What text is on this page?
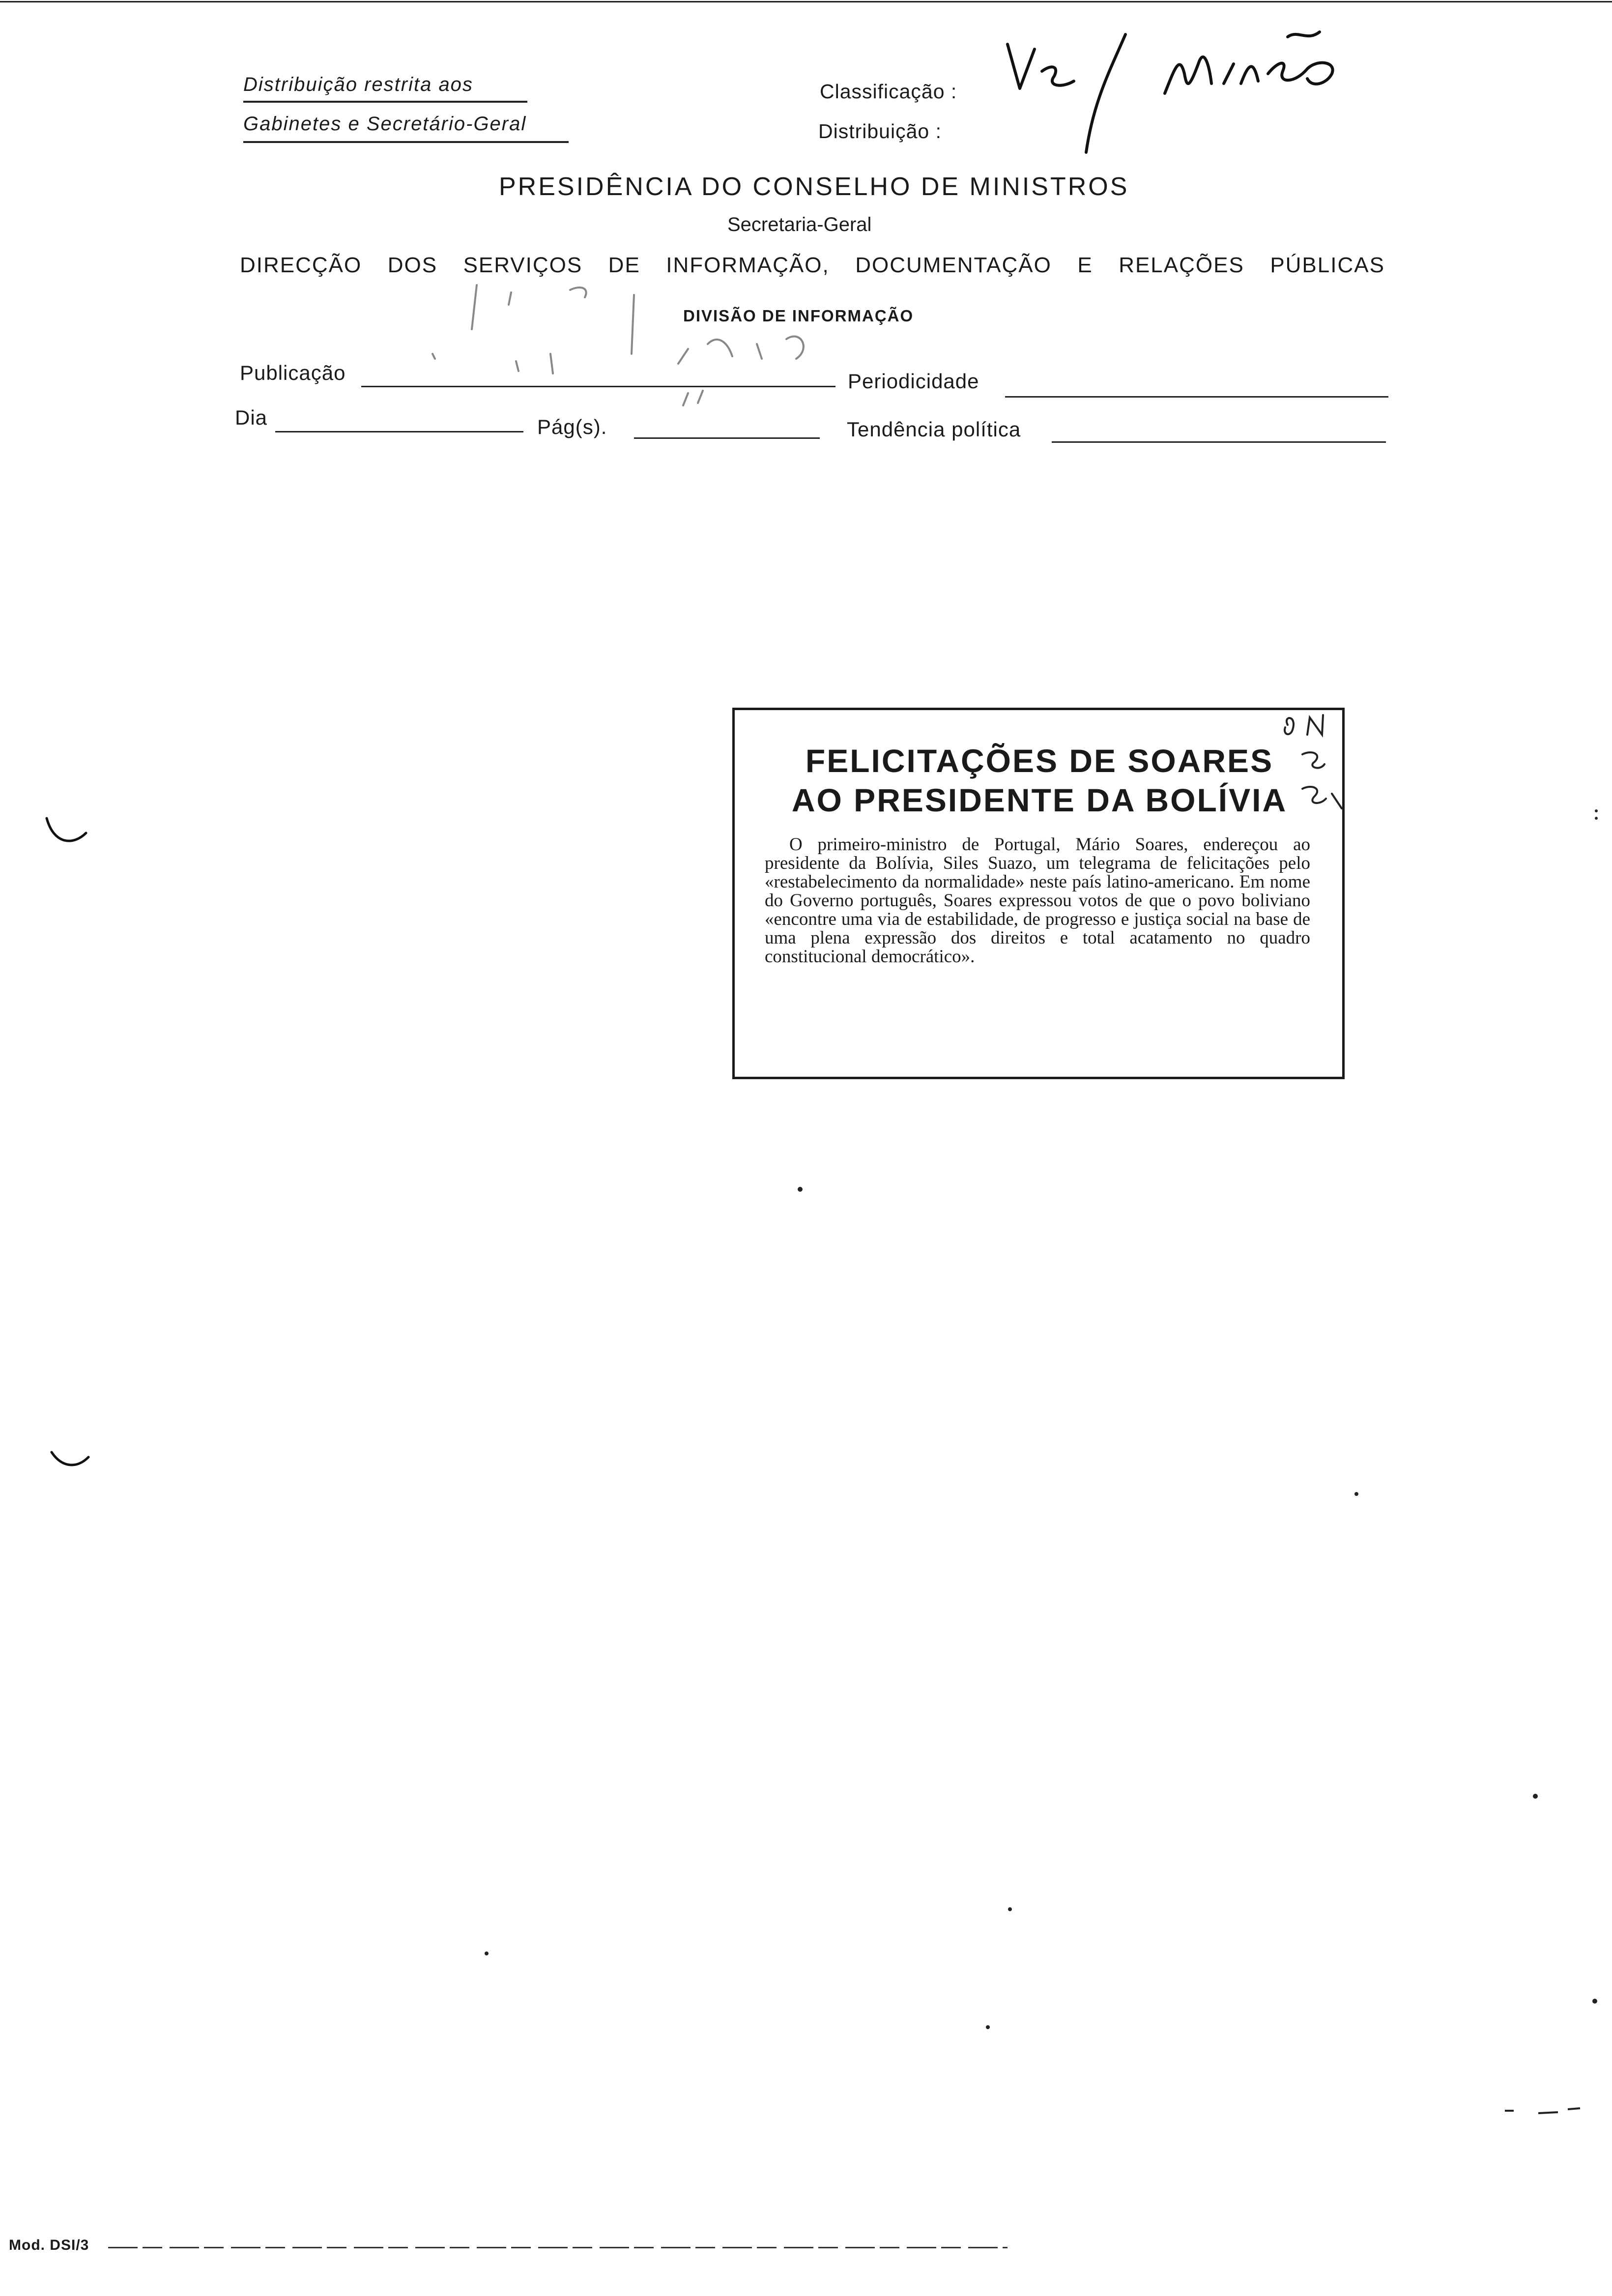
Distribuição restrita aos
Gabinetes e Secretário-Geral
Classificação :
Distribuição :
PRESIDÊNCIA DO CONSELHO DE MINISTROS
Secretaria-Geral
DIRECÇÃO DOS SERVIÇOS DE INFORMAÇÃO, DOCUMENTAÇÃO E RELAÇÕES PÚBLICAS
DIVISÃO DE INFORMAÇÃO
Publicação	Periodicidade
Dia	Pág(s).	Tendência política
FELICITAÇÕES DE SOARES
AO PRESIDENTE DA BOLÍVIA
O primeiro-ministro de Portugal, Mário Soares, endereçou ao presidente da Bolívia, Siles Suazo, um telegrama de felicitações pelo «restabelecimento da normalidade» neste país latino-americano. Em nome do Governo português, Soares expressou votos de que o povo boliviano «encontre uma via de estabilidade, de progresso e justiça social na base de uma plena expressão dos direitos e total acatamento no quadro constitucional democrático».
Mod. DSI/3
